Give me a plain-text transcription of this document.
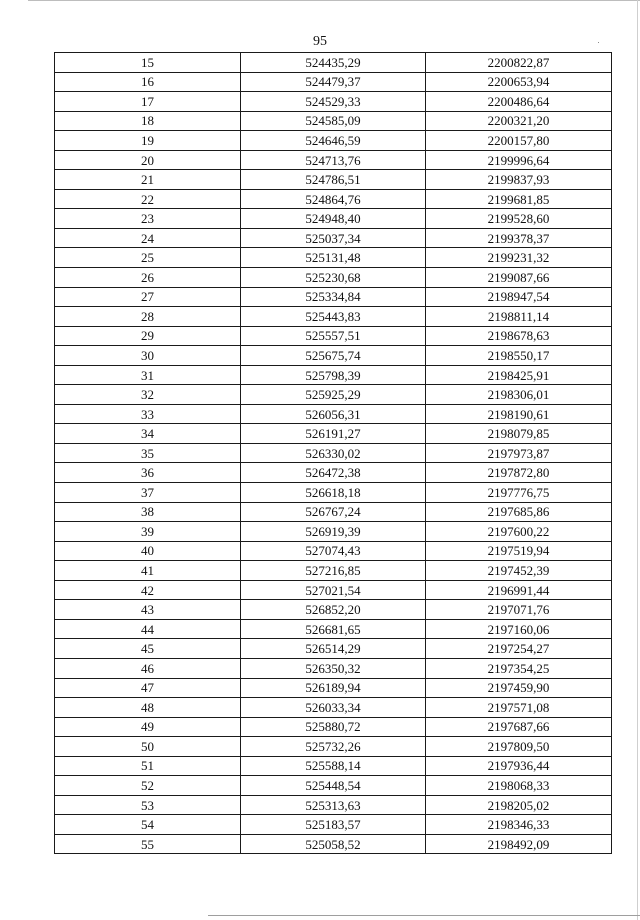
95
15	524435,29	2200822,87
16	524479,37	2200653,94
17	524529,33	2200486,64
18	524585,09	2200321,20
19	524646,59	2200157,80
20	524713,76	2199996,64
21	524786,51	2199837,93
22	524864,76	2199681,85
23	524948,40	2199528,60
24	525037,34	2199378,37
25	525131,48	2199231,32
26	525230,68	2199087,66
27	525334,84	2198947,54
28	525443,83	2198811,14
29	525557,51	2198678,63
30	525675,74	2198550,17
31	525798,39	2198425,91
32	525925,29	2198306,01
33	526056,31	2198190,61
34	526191,27	2198079,85
35	526330,02	2197973,87
36	526472,38	2197872,80
37	526618,18	2197776,75
38	526767,24	2197685,86
39	526919,39	2197600,22
40	527074,43	2197519,94
41	527216,85	2197452,39
42	527021,54	2196991,44
43	526852,20	2197071,76
44	526681,65	2197160,06
45	526514,29	2197254,27
46	526350,32	2197354,25
47	526189,94	2197459,90
48	526033,34	2197571,08
49	525880,72	2197687,66
50	525732,26	2197809,50
51	525588,14	2197936,44
52	525448,54	2198068,33
53	525313,63	2198205,02
54	525183,57	2198346,33
55	525058,52	2198492,09
